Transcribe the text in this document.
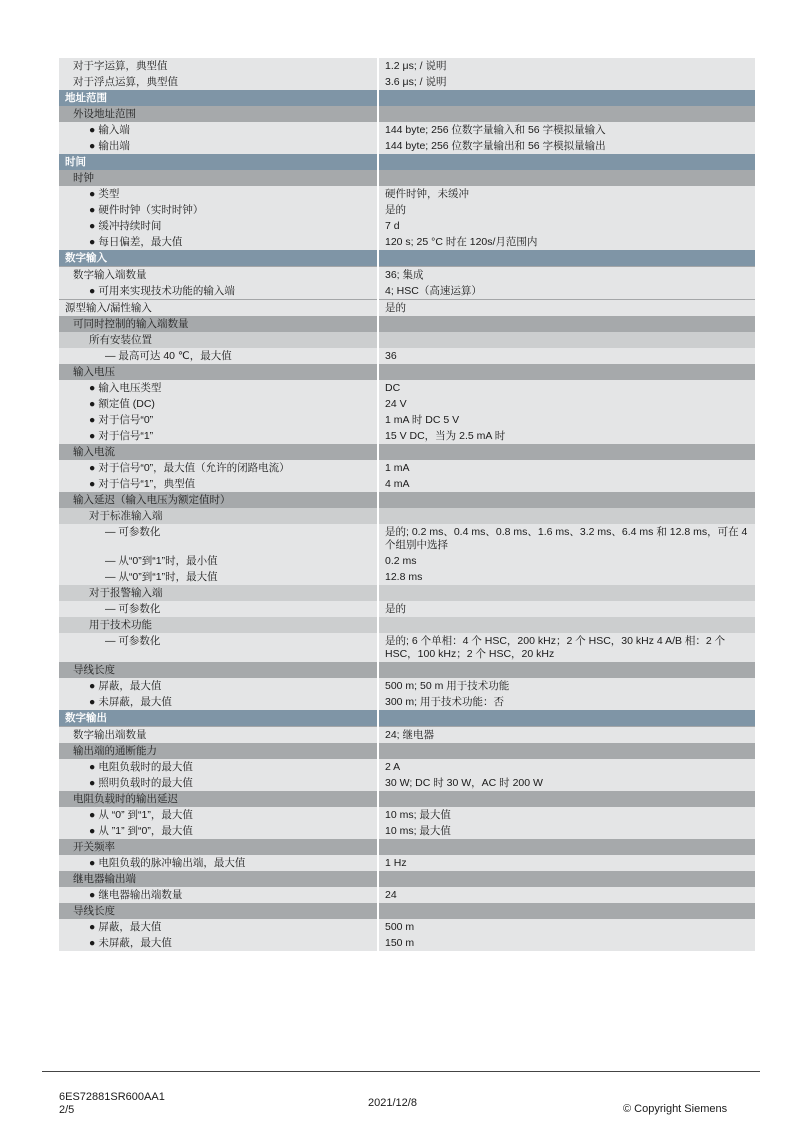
对于字运算，典型值	1.2 μs; / 说明
对于浮点运算，典型值	3.6 μs; / 说明
地址范围	
外设地址范围	
● 输入端	144 byte; 256 位数字量输入和 56 字模拟量输入
● 输出端	144 byte; 256 位数字量输出和 56 字模拟量输出
时间	
时钟	
● 类型	硬件时钟，未缓冲
● 硬件时钟（实时时钟）	是的
● 缓冲持续时间	7 d
● 每日偏差，最大值	120 s; 25 °C 时在 120s/月范围内
数字输入	
数字输入端数量	36; 集成
● 可用来实现技术功能的输入端	4; HSC（高速运算）
源型输入/漏性输入	是的
可同时控制的输入端数量	
所有安装位置	
— 最高可达 40 ℃，最大值	36
输入电压	
● 输入电压类型	DC
● 额定值 (DC)	24 V
● 对于信号“0”	1 mA 时 DC 5 V
● 对于信号“1”	15 V DC，当为 2.5 mA 时
输入电流	
● 对于信号“0”，最大值（允许的闭路电流）	1 mA
● 对于信号“1”，典型值	4 mA
输入延迟（输入电压为额定值时）	
对于标准输入端	
— 可参数化	是的; 0.2 ms、0.4 ms、0.8 ms、1.6 ms、3.2 ms、6.4 ms 和 12.8 ms，可在 4 个组别中选择
— 从“0”到“1”时，最小值	0.2 ms
— 从“0”到“1”时，最大值	12.8 ms
对于报警输入端	
— 可参数化	是的
用于技术功能	
— 可参数化	是的; 6 个单相：4 个 HSC，200 kHz；2 个 HSC，30 kHz 4 A/B 相：2 个 HSC，100 kHz；2 个 HSC，20 kHz
导线长度	
● 屏蔽，最大值	500 m; 50 m 用于技术功能
● 未屏蔽，最大值	300 m; 用于技术功能：否
数字输出	
数字输出端数量	24; 继电器
输出端的通断能力	
● 电阻负载时的最大值	2 A
● 照明负载时的最大值	30 W; DC 时 30 W，AC 时 200 W
电阻负载时的输出延迟	
● 从 “0” 到“1”，最大值	10 ms; 最大值
● 从 ”1” 到“0”，最大值	10 ms; 最大值
开关频率	
● 电阻负载的脉冲输出端，最大值	1 Hz
继电器输出端	
● 继电器输出端数量	24
导线长度	
● 屏蔽，最大值	500 m
● 未屏蔽，最大值	150 m
6ES72881SR600AA1
2/5
2021/12/8	© Copyright Siemens
